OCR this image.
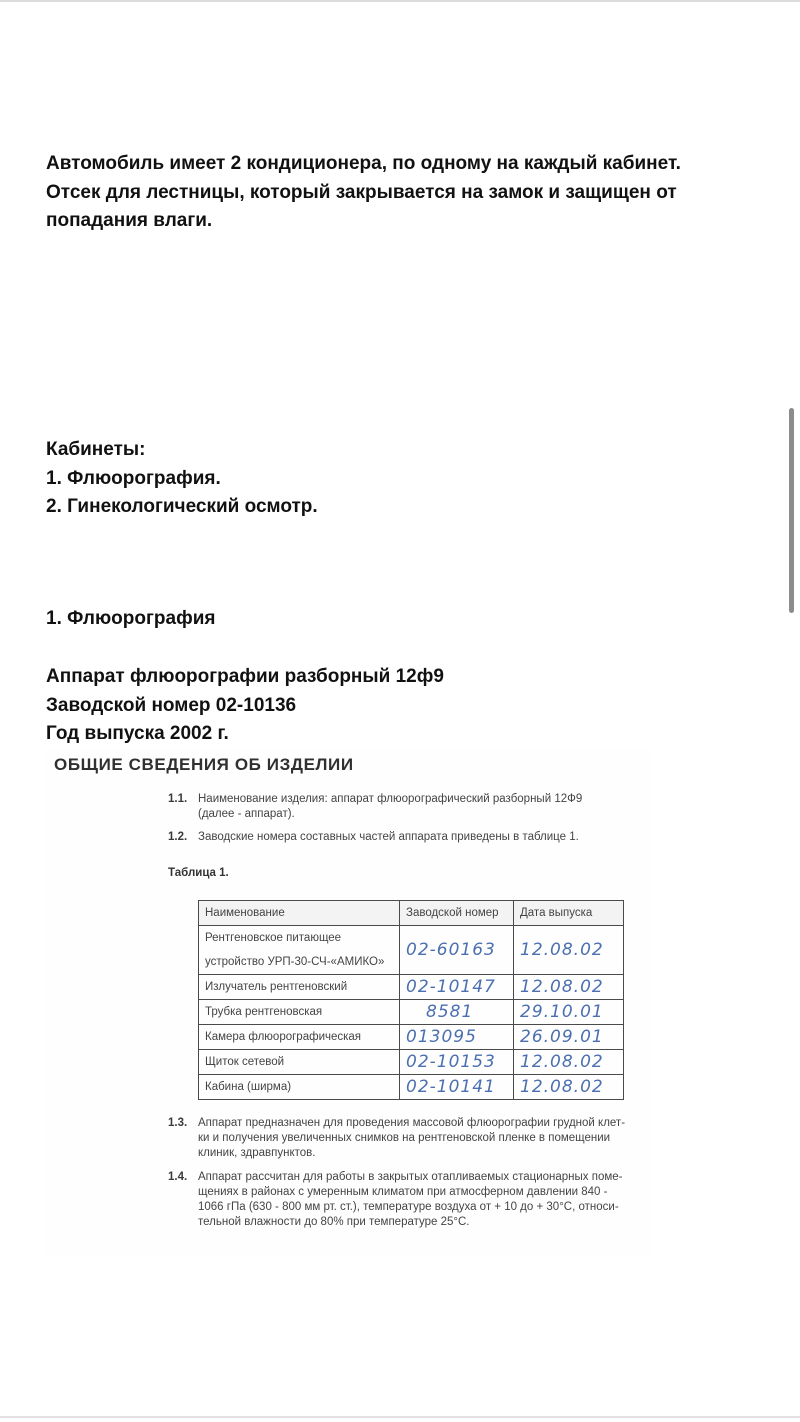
Автомобиль имеет 2 кондиционера, по одному на каждый кабинет.
Отсек для лестницы, который закрывается на замок и защищен от
попадания влаги.
Кабинеты:
1. Флюорография.
2. Гинекологический осмотр.
1. Флюорография
Аппарат флюорографии разборный 12ф9
Заводской номер 02-10136
Год выпуска 2002 г.
ОБЩИЕ СВЕДЕНИЯ ОБ ИЗДЕЛИИ
1.1. Наименование изделия: аппарат флюорографический разборный 12Ф9
(далее - аппарат).
1.2. Заводские номера составных частей аппарата приведены в таблице 1.
Таблица 1.
Наименование	Заводской номер	Дата выпуска
Рентгеновское питающее
устройство УРП-30-СЧ-«АМИКО»
02-60163 12.08.02
Излучатель рентгеновский	02-10147 12.08.02
Трубка рентгеновская	8581	29.10.01
Камера флюорографическая	013095	26.09.01
Щиток сетевой	02-10153 12.08.02
Кабина (ширма)	02-10141 12.08.02
1.3. Аппарат предназначен для проведения массовой флюорографии грудной клет-
ки и получения увеличенных снимков на рентгеновской пленке в помещении
клиник, здравпунктов.
1.4. Аппарат рассчитан для работы в закрытых отапливаемых стационарных поме-
щениях в районах с умеренным климатом при атмосферном давлении 840 -
1066 гПа (630 - 800 мм рт. ст.), температуре воздуха от + 10 до + 30°С, относи-
тельной влажности до 80% при температуре 25°С.
